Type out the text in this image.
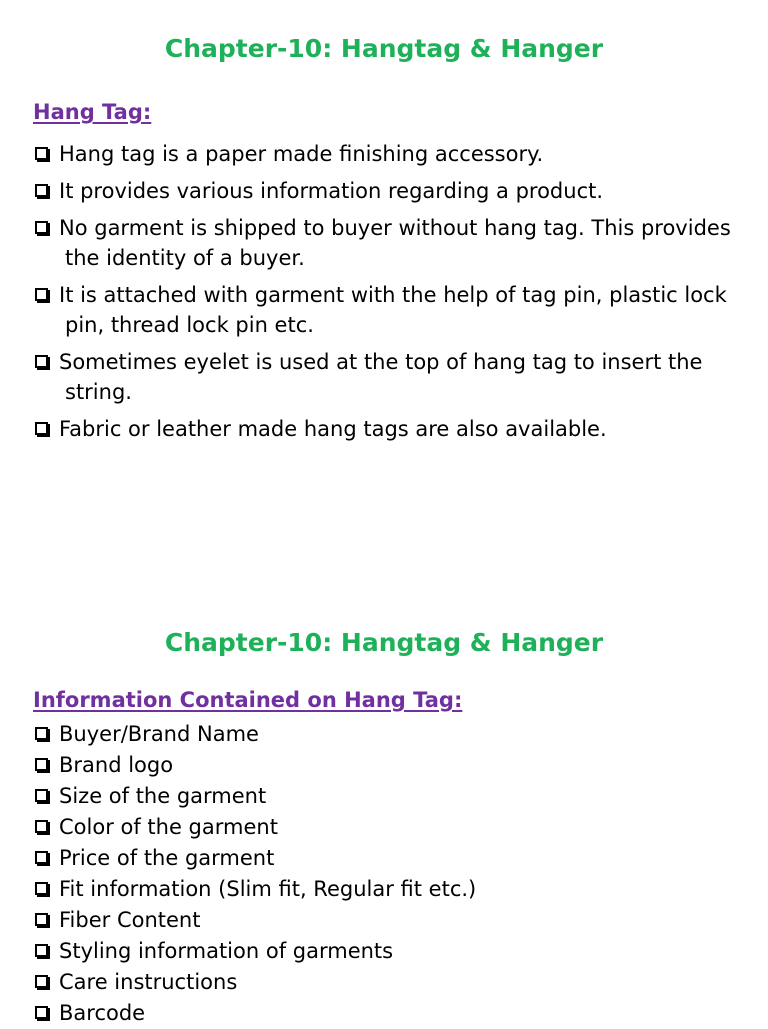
Chapter-10: Hangtag & Hanger
Hang Tag:
Hang tag is a paper made finishing accessory.
It provides various information regarding a product.
No garment is shipped to buyer without hang tag. This provides the identity of a buyer.
It is attached with garment with the help of tag pin, plastic lock pin, thread lock pin etc.
Sometimes eyelet is used at the top of hang tag to insert the string.
Fabric or leather made hang tags are also available.
Chapter-10: Hangtag & Hanger
Information Contained on Hang Tag:
Buyer/Brand Name
Brand logo
Size of the garment
Color of the garment
Price of the garment
Fit information (Slim fit, Regular fit etc.)
Fiber Content
Styling information of garments
Care instructions
Barcode
